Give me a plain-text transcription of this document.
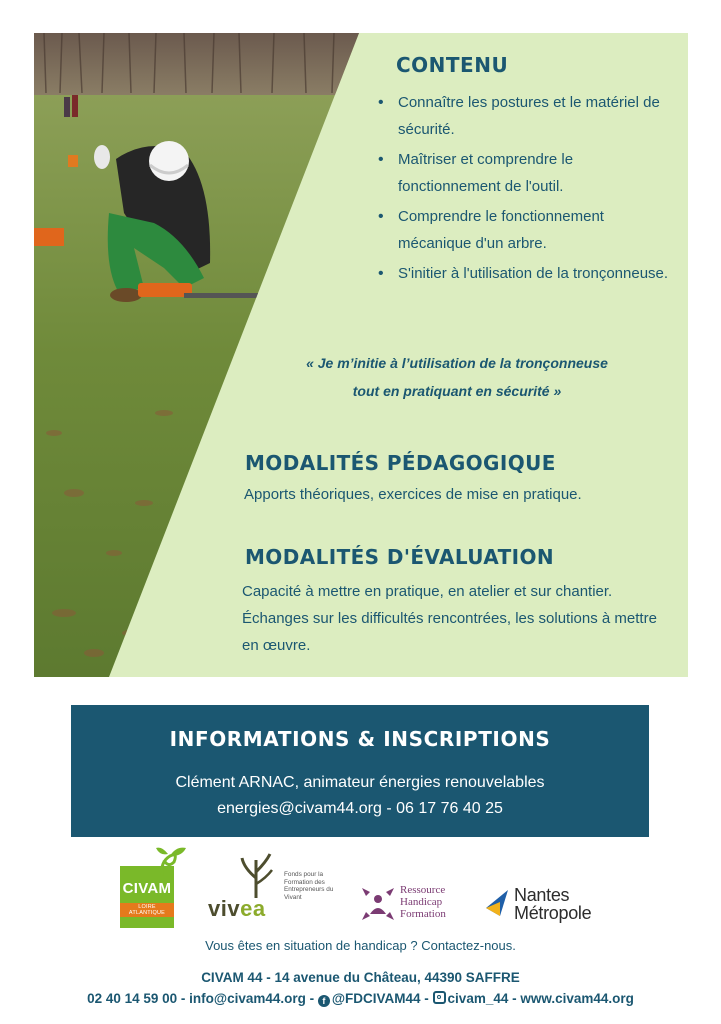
CONTENU
• Connaître les postures et le matériel de sécurité.
• Maîtriser et comprendre le fonctionnement de l'outil.
• Comprendre le fonctionnement mécanique d'un arbre.
• S'initier à l'utilisation de la tronçonneuse.

« Je m’initie à l’utilisation de la tronçonneuse
tout en pratiquant en sécurité »

MODALITÉS PÉDAGOGIQUE

Apports théoriques, exercices de mise en pratique.

MODALITÉS D'ÉVALUATION

Capacité à mettre en pratique, en atelier et sur chantier. Échanges sur les difficultés rencontrées, les solutions à mettre en œuvre.

INFORMATIONS & INSCRIPTIONS

Clément ARNAC, animateur énergies renouvelables

energies@civam44.org - 06 17 76 40 25

CIVAM
LOIRE ATLANTIQUE	vivea
Fonds pour la Formation des Entrepreneurs du Vivant
Ressource
Handicap
Formation
Nantes
Métropole

Vous êtes en situation de handicap ? Contactez-nous.

CIVAM 44 - 14 avenue du Château, 44390 SAFFRE

02 40 14 59 00 - info@civam44.org - f @FDCIVAM44 - civam_44 - www.civam44.org
